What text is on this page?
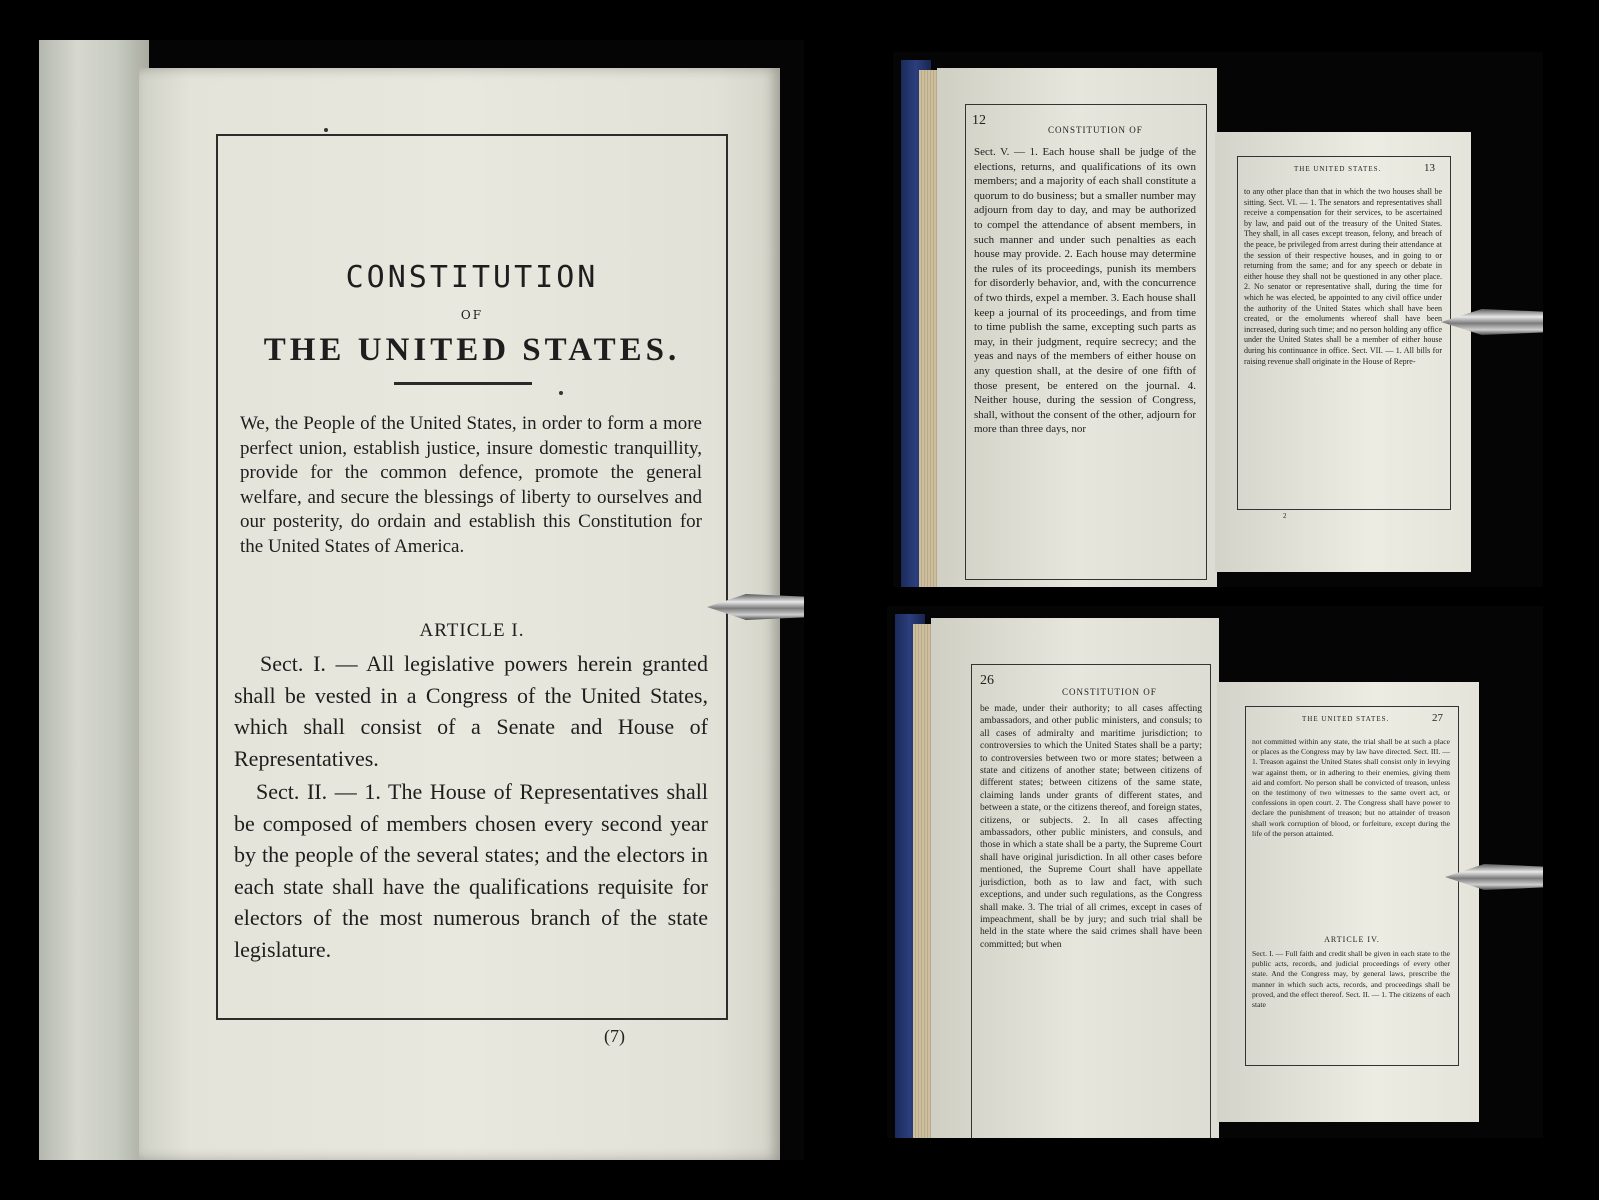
CONSTITUTION
OF
THE UNITED STATES.
We, the People of the United States, in order to form a more perfect union, establish justice, insure domestic tranquillity, provide for the common defence, promote the general welfare, and secure the blessings of liberty to ourselves and our posterity, do ordain and establish this Constitution for the United States of America.
ARTICLE I.
Sect. I. — All legislative powers herein granted shall be vested in a Congress of the United States, which shall consist of a Senate and House of Representatives.
Sect. II. — 1. The House of Representatives shall be composed of members chosen every second year by the people of the several states; and the electors in each state shall have the qualifications requisite for electors of the most numerous branch of the state legislature.
(7)
12
CONSTITUTION OF
Sect. V. — 1. Each house shall be judge of the elections, returns, and qualifications of its own members; and a majority of each shall constitute a quorum to do business; but a smaller number may adjourn from day to day, and may be authorized to compel the attendance of absent members, in such manner and under such penalties as each house may provide. 2. Each house may determine the rules of its proceedings, punish its members for disorderly behavior, and, with the concurrence of two thirds, expel a member. 3. Each house shall keep a journal of its proceedings, and from time to time publish the same, excepting such parts as may, in their judgment, require secrecy; and the yeas and nays of the members of either house on any question shall, at the desire of one fifth of those present, be entered on the journal. 4. Neither house, during the session of Congress, shall, without the consent of the other, adjourn for more than three days, nor
THE UNITED STATES.	13
to any other place than that in which the two houses shall be sitting. Sect. VI. — 1. The senators and representatives shall receive a compensation for their services, to be ascertained by law, and paid out of the treasury of the United States. They shall, in all cases except treason, felony, and breach of the peace, be privileged from arrest during their attendance at the session of their respective houses, and in going to or returning from the same; and for any speech or debate in either house they shall not be questioned in any other place. 2. No senator or representative shall, during the time for which he was elected, be appointed to any civil office under the authority of the United States which shall have been created, or the emoluments whereof shall have been increased, during such time; and no person holding any office under the United States shall be a member of either house during his continuance in office. Sect. VII. — 1. All bills for raising revenue shall originate in the House of Repre-
2
26
CONSTITUTION OF
be made, under their authority; to all cases affecting ambassadors, and other public ministers, and consuls; to all cases of admiralty and maritime jurisdiction; to controversies to which the United States shall be a party; to controversies between two or more states; between a state and citizens of another state; between citizens of different states; between citizens of the same state, claiming lands under grants of different states, and between a state, or the citizens thereof, and foreign states, citizens, or subjects. 2. In all cases affecting ambassadors, other public ministers, and consuls, and those in which a state shall be a party, the Supreme Court shall have original jurisdiction. In all other cases before mentioned, the Supreme Court shall have appellate jurisdiction, both as to law and fact, with such exceptions, and under such regulations, as the Congress shall make. 3. The trial of all crimes, except in cases of impeachment, shall be by jury; and such trial shall be held in the state where the said crimes shall have been committed; but when
THE UNITED STATES.	27
not committed within any state, the trial shall be at such a place or places as the Congress may by law have directed. Sect. III. — 1. Treason against the United States shall consist only in levying war against them, or in adhering to their enemies, giving them aid and comfort. No person shall be convicted of treason, unless on the testimony of two witnesses to the same overt act, or confessions in open court. 2. The Congress shall have power to declare the punishment of treason; but no attainder of treason shall work corruption of blood, or forfeiture, except during the life of the person attainted.
ARTICLE IV.
Sect. I. — Full faith and credit shall be given in each state to the public acts, records, and judicial proceedings of every other state. And the Congress may, by general laws, prescribe the manner in which such acts, records, and proceedings shall be proved, and the effect thereof. Sect. II. — 1. The citizens of each state
